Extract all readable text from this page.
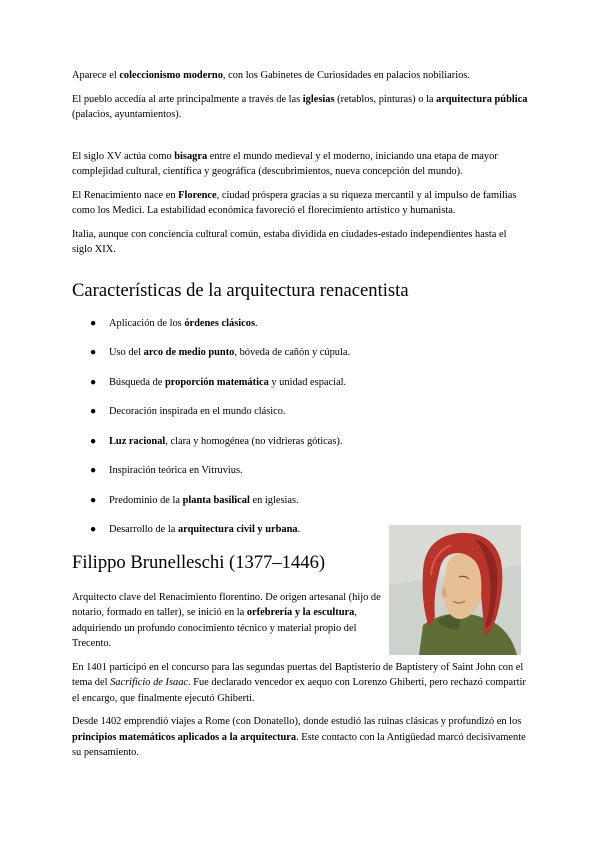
Aparece el coleccionismo moderno, con los Gabinetes de Curiosidades en palacios nobiliarios.

El pueblo accedía al arte principalmente a través de las iglesias (retablos, pinturas) o la arquitectura pública (palacios, ayuntamientos).

El siglo XV actúa como bisagra entre el mundo medieval y el moderno, iniciando una etapa de mayor complejidad cultural, científica y geográfica (descubrimientos, nueva concepción del mundo).

El Renacimiento nace en Florence, ciudad próspera gracias a su riqueza mercantil y al impulso de familias como los Medici. La estabilidad económica favoreció el florecimiento artístico y humanista.

Italia, aunque con conciencia cultural común, estaba dividida en ciudades-estado independientes hasta el siglo XIX.

Características de la arquitectura renacentista
● Aplicación de los órdenes clásicos.
● Uso del arco de medio punto, bóveda de cañón y cúpula.
● Búsqueda de proporción matemática y unidad espacial.
● Decoración inspirada en el mundo clásico.
● Luz racional, clara y homogénea (no vidrieras góticas).
● Inspiración teórica en Vitruvius.
● Predominio de la planta basilical en iglesias.
● Desarrollo de la arquitectura civil y urbana.
Filippo Brunelleschi (1377–1446)

Arquitecto clave del Renacimiento florentino. De origen artesanal (hijo de notario, formado en taller), se inició en la orfebrería y la escultura, adquiriendo un profundo conocimiento técnico y material propio del Trecento.

En 1401 participó en el concurso para las segundas puertas del Baptisterio de Baptistery of Saint John con el tema del Sacrificio de Isaac. Fue declarado vencedor ex aequo con Lorenzo Ghiberti, pero rechazó compartir el encargo, que finalmente ejecutó Ghiberti.

Desde 1402 emprendió viajes a Rome (con Donatello), donde estudió las ruinas clásicas y profundizó en los principios matemáticos aplicados a la arquitectura. Este contacto con la Antigüedad marcó decisivamente su pensamiento.
